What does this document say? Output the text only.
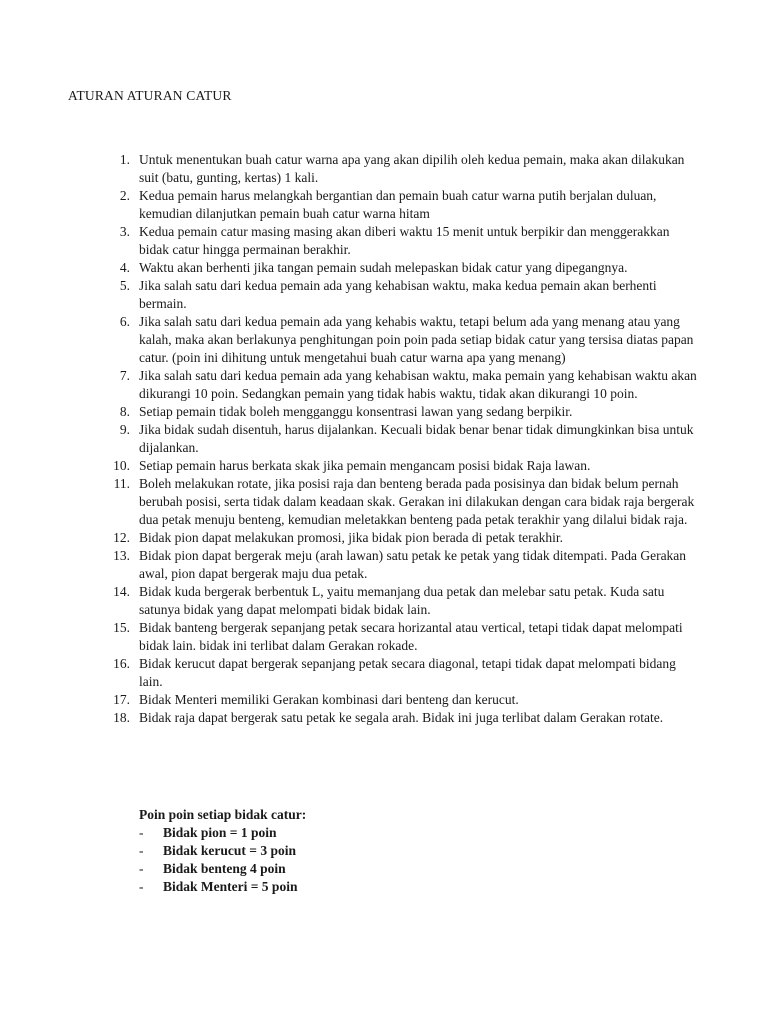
ATURAN ATURAN CATUR
1. Untuk menentukan buah catur warna apa yang akan dipilih oleh kedua pemain, maka akan dilakukan suit (batu, gunting, kertas) 1 kali.
2. Kedua pemain harus melangkah bergantian dan pemain buah catur warna putih berjalan duluan, kemudian dilanjutkan pemain buah catur warna hitam
3. Kedua pemain catur masing masing akan diberi waktu 15 menit untuk berpikir dan menggerakkan bidak catur hingga permainan berakhir.
4. Waktu akan berhenti jika tangan pemain sudah melepaskan bidak catur yang dipegangnya.
5. Jika salah satu dari kedua pemain ada yang kehabisan waktu, maka kedua pemain akan berhenti bermain.
6. Jika salah satu dari kedua pemain ada yang kehabis waktu, tetapi belum ada yang menang atau yang kalah, maka akan berlakunya penghitungan poin poin pada setiap bidak catur yang tersisa diatas papan catur. (poin ini dihitung untuk mengetahui buah catur warna apa yang menang)
7. Jika salah satu dari kedua pemain ada yang kehabisan waktu, maka pemain yang kehabisan waktu akan dikurangi 10 poin. Sedangkan pemain yang tidak habis waktu, tidak akan dikurangi 10 poin.
8. Setiap pemain tidak boleh mengganggu konsentrasi lawan yang sedang berpikir.
9. Jika bidak sudah disentuh, harus dijalankan. Kecuali bidak benar benar tidak dimungkinkan bisa untuk dijalankan.
10. Setiap pemain harus berkata skak jika pemain mengancam posisi bidak Raja lawan.
11. Boleh melakukan rotate, jika posisi raja dan benteng berada pada posisinya dan bidak belum pernah berubah posisi, serta tidak dalam keadaan skak. Gerakan ini dilakukan dengan cara bidak raja bergerak dua petak menuju benteng, kemudian meletakkan benteng pada petak terakhir yang dilalui bidak raja.
12. Bidak pion dapat melakukan promosi, jika bidak pion berada di petak terakhir.
13. Bidak pion dapat bergerak meju (arah lawan) satu petak ke petak yang tidak ditempati. Pada Gerakan awal, pion dapat bergerak maju dua petak.
14. Bidak kuda bergerak berbentuk L, yaitu memanjang dua petak dan melebar satu petak. Kuda satu satunya bidak yang dapat melompati bidak bidak lain.
15. Bidak banteng bergerak sepanjang petak secara horizantal atau vertical, tetapi tidak dapat melompati bidak lain. bidak ini terlibat dalam Gerakan rokade.
16. Bidak kerucut dapat bergerak sepanjang petak secara diagonal, tetapi tidak dapat melompati bidang lain.
17. Bidak Menteri memiliki Gerakan kombinasi dari benteng dan kerucut.
18. Bidak raja dapat bergerak satu petak ke segala arah. Bidak ini juga terlibat dalam Gerakan rotate.

Poin poin setiap bidak catur:

- Bidak pion = 1 poin
- Bidak kerucut = 3 poin
- Bidak benteng 4 poin
- Bidak Menteri = 5 poin
